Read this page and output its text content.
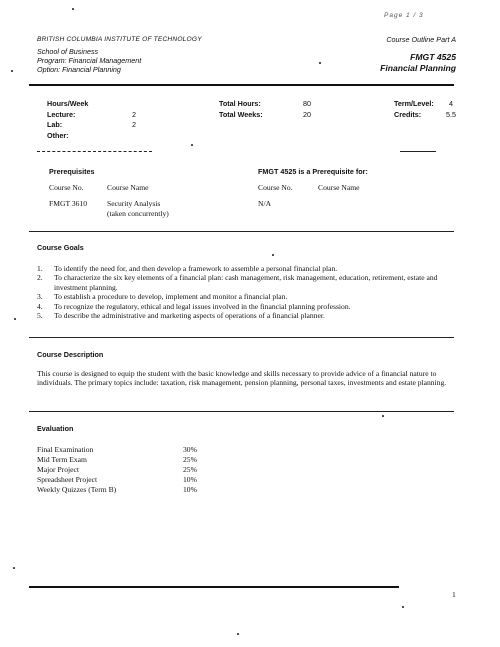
Page 1 / 3
BRITISH COLUMBIA INSTITUTE OF TECHNOLOGY
School of Business
Program: Financial Management
Option: Financial Planning
Course Outline Part A
FMGT 4525
Financial Planning
Hours/Week
Lecture:	2
Lab:	2
Other:
Total Hours:	80
Total Weeks:	20
Term/Level: 4
Credits:	5.5
Prerequisites
Course No.	Course Name
FMGT 3610	Security Analysis
(taken concurrently)
FMGT 4525 is a Prerequisite for:
Course No.	Course Name
N/A
Course Goals
1.	To identify the need for, and then develop a framework to assemble a personal financial plan.
2.	To characterize the six key elements of a financial plan: cash management, risk management, education, retirement, estate and investment planning.
3.	To establish a procedure to develop, implement and monitor a financial plan.
4.	To recognize the regulatory, ethical and legal issues involved in the financial planning profession.
5.	To describe the administrative and marketing aspects of operations of a financial planner.
Course Description
This course is designed to equip the student with the basic knowledge and skills necessary to provide advice of a financial nature to individuals. The primary topics include: taxation, risk management, pension planning, personal taxes, investments and estate planning.
Evaluation
Final Examination	30%
Mid Term Exam	25%
Major Project	25%
Spreadsheet Project	10%
Weekly Quizzes (Term B)	10%
1
